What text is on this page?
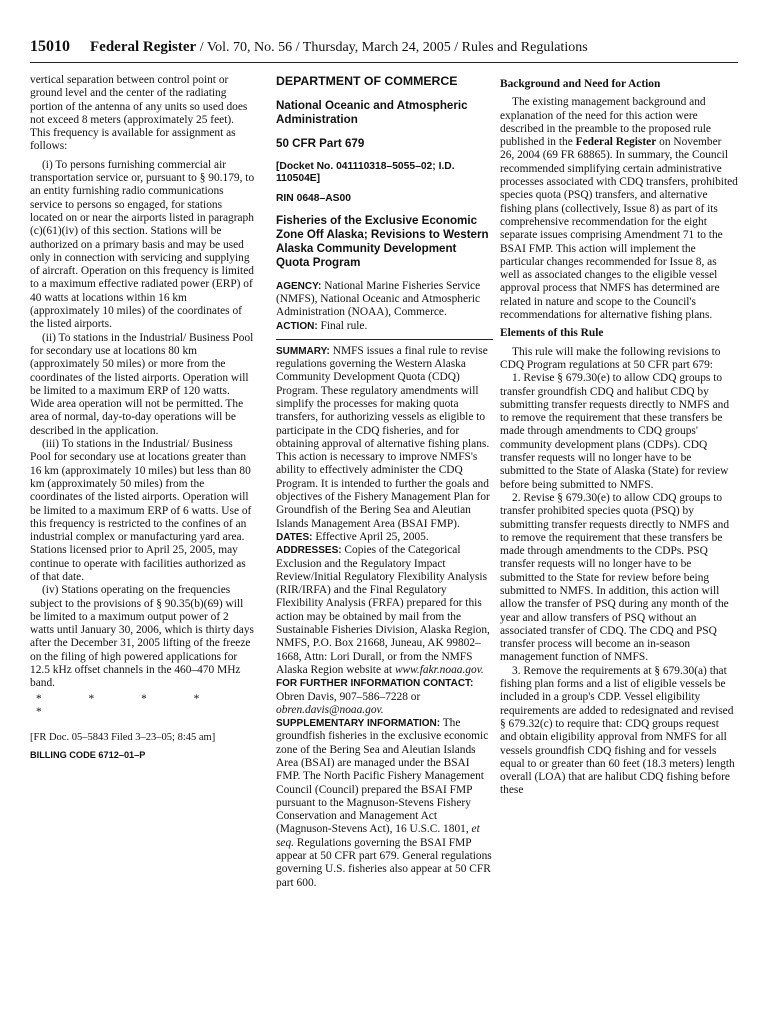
15010 Federal Register / Vol. 70, No. 56 / Thursday, March 24, 2005 / Rules and Regulations

vertical separation between control point or ground level and the center of the radiating portion of the antenna of any units so used does not exceed 8 meters (approximately 25 feet). This frequency is available for assignment as follows:

(i) To persons furnishing commercial air transportation service or, pursuant to § 90.179, to an entity furnishing radio communications service to persons so engaged, for stations located on or near the airports listed in paragraph (c)(61)(iv) of this section. Stations will be authorized on a primary basis and may be used only in connection with servicing and supplying of aircraft. Operation on this frequency is limited to a maximum effective radiated power (ERP) of 40 watts at locations within 16 km (approximately 10 miles) of the coordinates of the listed airports.

(ii) To stations in the Industrial/ Business Pool for secondary use at locations 80 km (approximately 50 miles) or more from the coordinates of the listed airports. Operation will be limited to a maximum ERP of 120 watts. Wide area operation will not be permitted. The area of normal, day-to-day operations will be described in the application.

(iii) To stations in the Industrial/ Business Pool for secondary use at locations greater than 16 km (approximately 10 miles) but less than 80 km (approximately 50 miles) from the coordinates of the listed airports. Operation will be limited to a maximum ERP of 6 watts. Use of this frequency is restricted to the confines of an industrial complex or manufacturing yard area. Stations licensed prior to April 25, 2005, may continue to operate with facilities authorized as of that date.

(iv) Stations operating on the frequencies subject to the provisions of § 90.35(b)(69) will be limited to a maximum output power of 2 watts until January 30, 2006, which is thirty days after the December 31, 2005 lifting of the freeze on the filing of high powered applications for 12.5 kHz offset channels in the 460–470 MHz band.

* * * * *

[FR Doc. 05–5843 Filed 3–23–05; 8:45 am]

BILLING CODE 6712–01–P

DEPARTMENT OF COMMERCE

National Oceanic and Atmospheric Administration

50 CFR Part 679

[Docket No. 041110318–5055–02; I.D. 110504E]

RIN 0648–AS00

Fisheries of the Exclusive Economic Zone Off Alaska; Revisions to Western Alaska Community Development Quota Program

AGENCY: National Marine Fisheries Service (NMFS), National Oceanic and Atmospheric Administration (NOAA), Commerce.

ACTION: Final rule.

SUMMARY: NMFS issues a final rule to revise regulations governing the Western Alaska Community Development Quota (CDQ) Program. These regulatory amendments will simplify the processes for making quota transfers, for authorizing vessels as eligible to participate in the CDQ fisheries, and for obtaining approval of alternative fishing plans. This action is necessary to improve NMFS's ability to effectively administer the CDQ Program. It is intended to further the goals and objectives of the Fishery Management Plan for Groundfish of the Bering Sea and Aleutian Islands Management Area (BSAI FMP).

DATES: Effective April 25, 2005.

ADDRESSES: Copies of the Categorical Exclusion and the Regulatory Impact Review/Initial Regulatory Flexibility Analysis (RIR/IRFA) and the Final Regulatory Flexibility Analysis (FRFA) prepared for this action may be obtained by mail from the Sustainable Fisheries Division, Alaska Region, NMFS, P.O. Box 21668, Juneau, AK 99802–1668, Attn: Lori Durall, or from the NMFS Alaska Region website at www.fakr.noaa.gov.

FOR FURTHER INFORMATION CONTACT:

Obren Davis, 907–586–7228 or obren.davis@noaa.gov.

SUPPLEMENTARY INFORMATION: The groundfish fisheries in the exclusive economic zone of the Bering Sea and Aleutian Islands Area (BSAI) are managed under the BSAI FMP. The North Pacific Fishery Management Council (Council) prepared the BSAI FMP pursuant to the Magnuson-Stevens Fishery Conservation and Management Act (Magnuson-Stevens Act), 16 U.S.C. 1801, et seq. Regulations governing the BSAI FMP appear at 50 CFR part 679. General regulations governing U.S. fisheries also appear at 50 CFR part 600.

Background and Need for Action

The existing management background and explanation of the need for this action were described in the preamble to the proposed rule published in the Federal Register on November 26, 2004 (69 FR 68865). In summary, the Council recommended simplifying certain administrative processes associated with CDQ transfers, prohibited species quota (PSQ) transfers, and alternative fishing plans (collectively, Issue 8) as part of its comprehensive recommendation for the eight separate issues comprising Amendment 71 to the BSAI FMP. This action will implement the particular changes recommended for Issue 8, as well as associated changes to the eligible vessel approval process that NMFS has determined are related in nature and scope to the Council's recommendations for alternative fishing plans.

Elements of this Rule

This rule will make the following revisions to CDQ Program regulations at 50 CFR part 679:

1. Revise § 679.30(e) to allow CDQ groups to transfer groundfish CDQ and halibut CDQ by submitting transfer requests directly to NMFS and to remove the requirement that these transfers be made through amendments to CDQ groups' community development plans (CDPs). CDQ transfer requests will no longer have to be submitted to the State of Alaska (State) for review before being submitted to NMFS.

2. Revise § 679.30(e) to allow CDQ groups to transfer prohibited species quota (PSQ) by submitting transfer requests directly to NMFS and to remove the requirement that these transfers be made through amendments to the CDPs. PSQ transfer requests will no longer have to be submitted to the State for review before being submitted to NMFS. In addition, this action will allow the transfer of PSQ during any month of the year and allow transfers of PSQ without an associated transfer of CDQ. The CDQ and PSQ transfer process will become an in-season management function of NMFS.

3. Remove the requirements at § 679.30(a) that fishing plan forms and a list of eligible vessels be included in a group's CDP. Vessel eligibility requirements are added to redesignated and revised § 679.32(c) to require that: CDQ groups request and obtain eligibility approval from NMFS for all vessels groundfish CDQ fishing and for vessels equal to or greater than 60 feet (18.3 meters) length overall (LOA) that are halibut CDQ fishing before these
